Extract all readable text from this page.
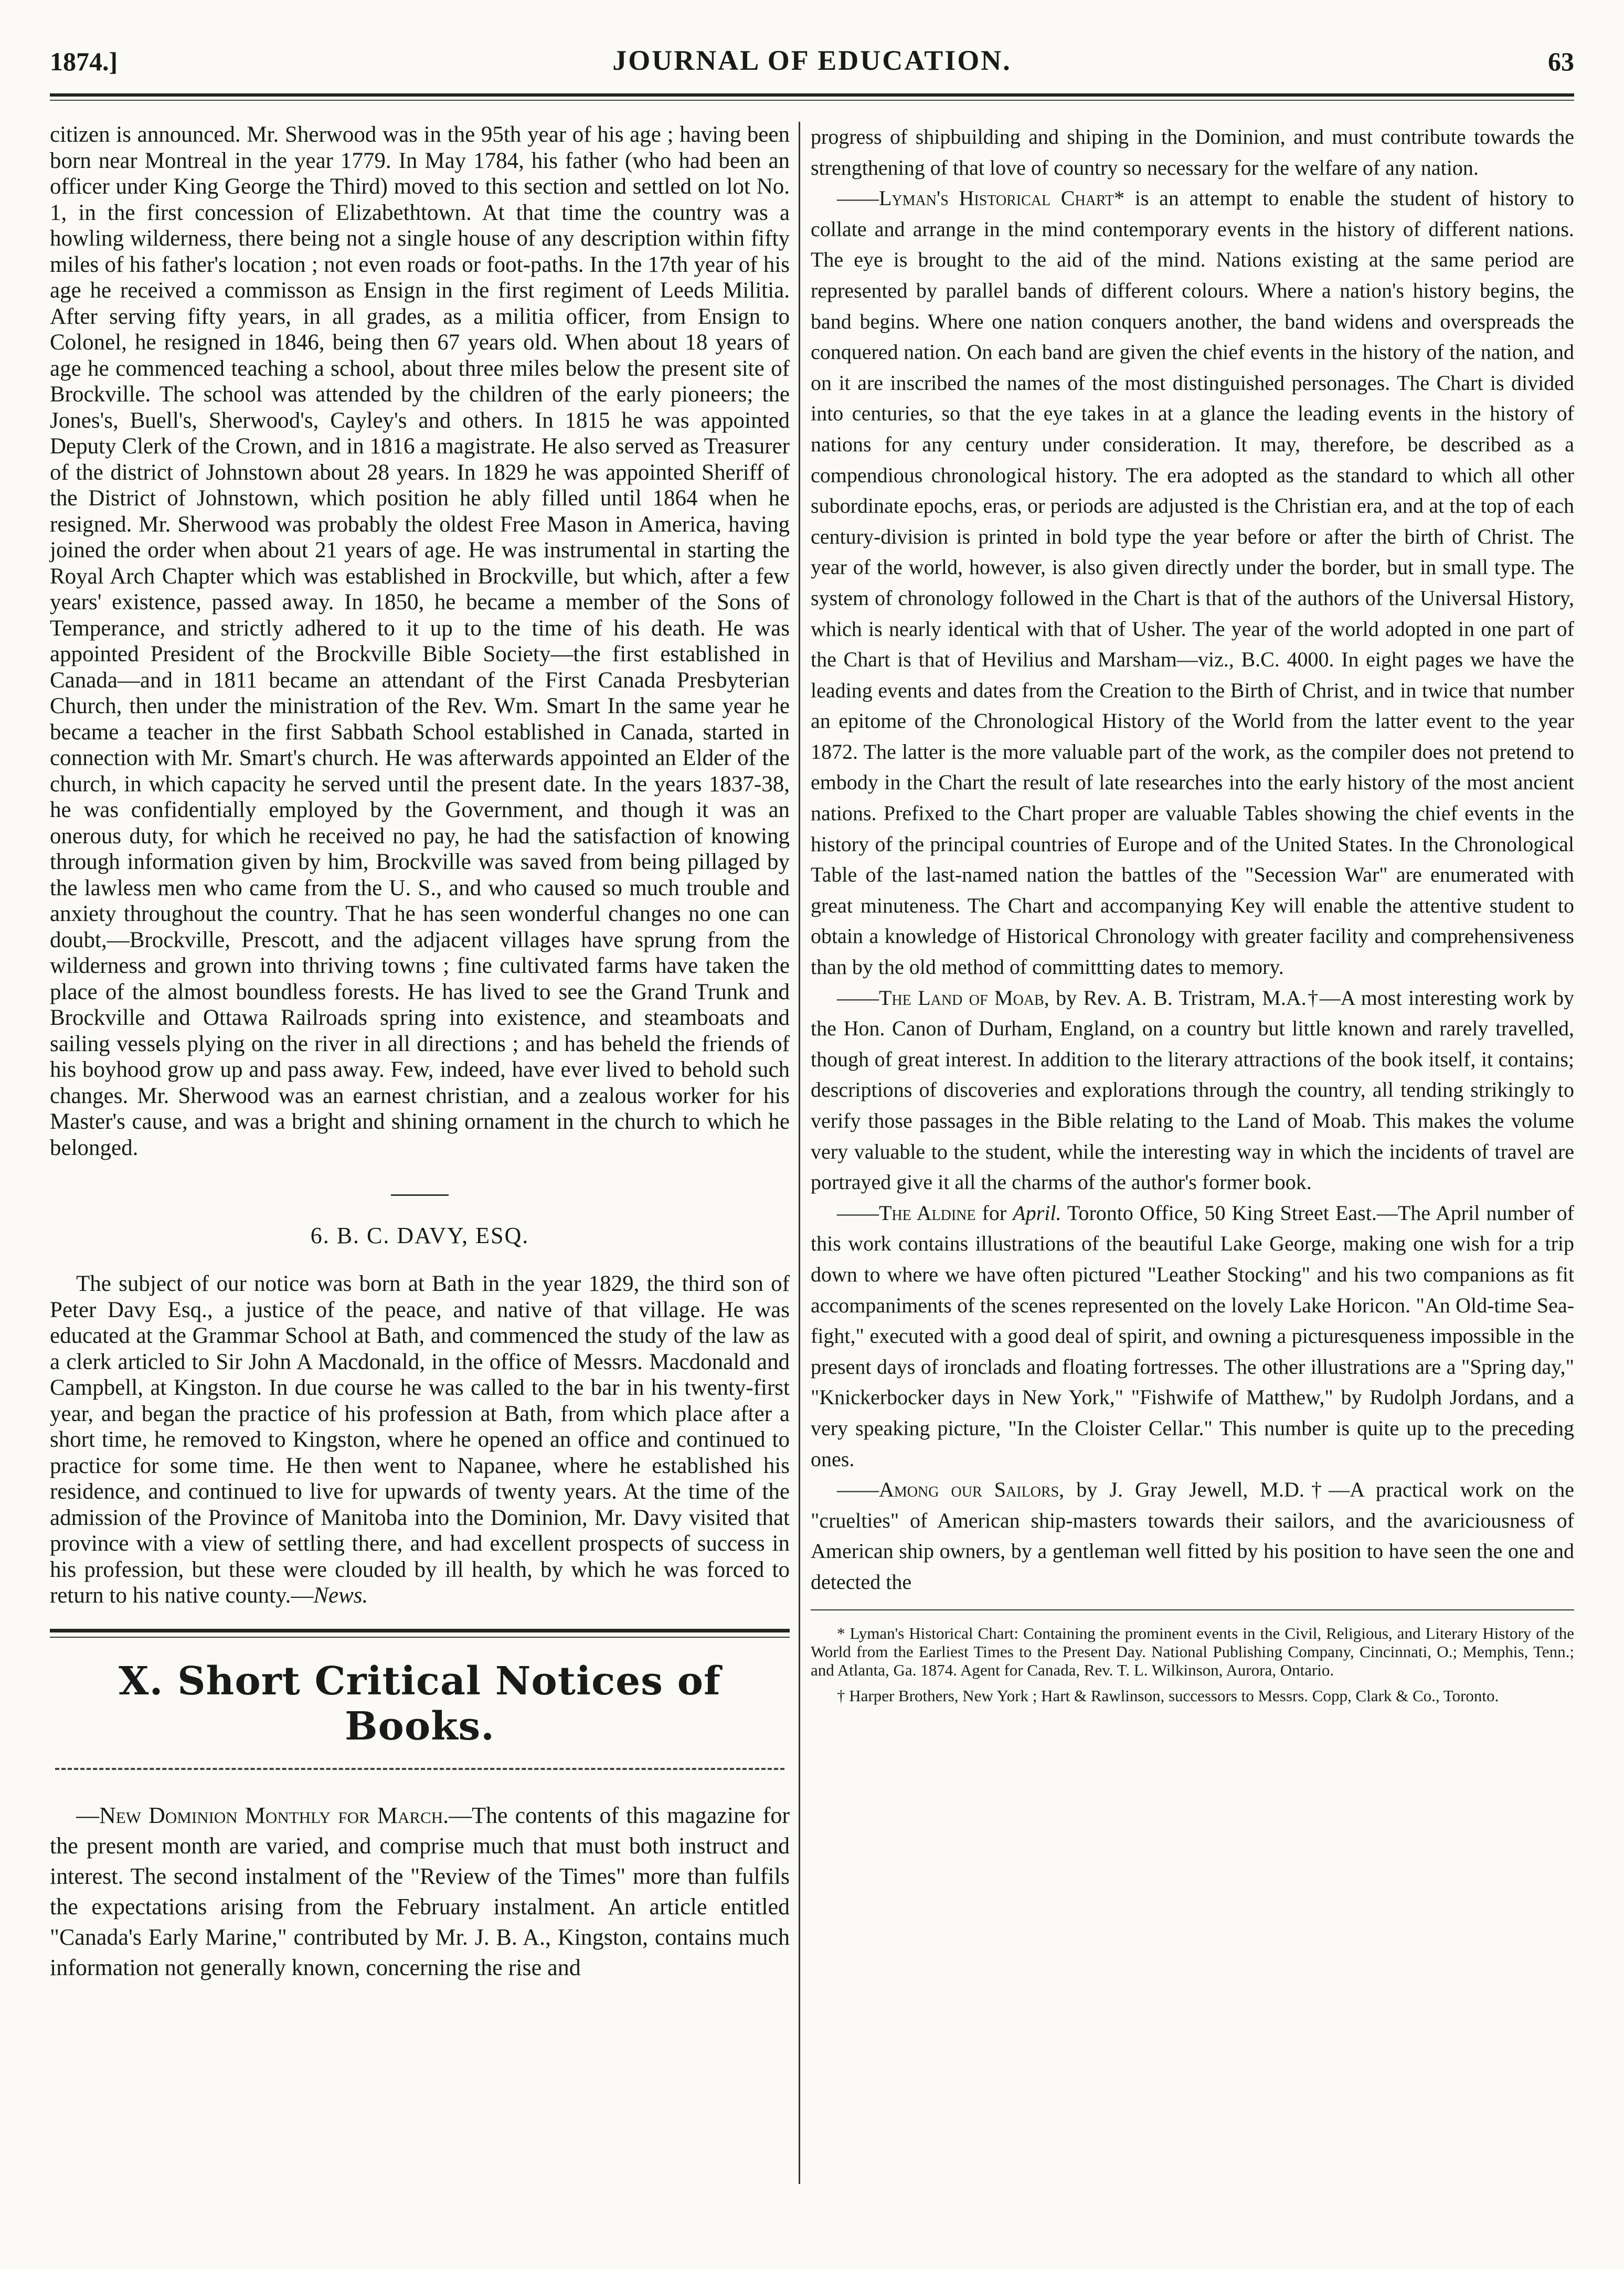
1874.]	JOURNAL OF EDUCATION.	63

citizen is announced. Mr. Sherwood was in the 95th year of his age ; having been born near Montreal in the year 1779. In May 1784, his father (who had been an officer under King George the Third) moved to this section and settled on lot No. 1, in the first concession of Elizabethtown. At that time the country was a howling wilderness, there being not a single house of any description within fifty miles of his father's location ; not even roads or foot-paths. In the 17th year of his age he received a commisson as Ensign in the first regiment of Leeds Militia. After serving fifty years, in all grades, as a militia officer, from Ensign to Colonel, he resigned in 1846, being then 67 years old. When about 18 years of age he commenced teaching a school, about three miles below the present site of Brockville. The school was attended by the children of the early pioneers; the Jones's, Buell's, Sherwood's, Cayley's and others. In 1815 he was appointed Deputy Clerk of the Crown, and in 1816 a magistrate. He also served as Treasurer of the district of Johnstown about 28 years. In 1829 he was appointed Sheriff of the District of Johnstown, which position he ably filled until 1864 when he resigned. Mr. Sherwood was probably the oldest Free Mason in America, having joined the order when about 21 years of age. He was instrumental in starting the Royal Arch Chapter which was established in Brockville, but which, after a few years' existence, passed away. In 1850, he became a member of the Sons of Temperance, and strictly adhered to it up to the time of his death. He was appointed President of the Brockville Bible Society—the first established in Canada—and in 1811 became an attendant of the First Canada Presbyterian Church, then under the ministration of the Rev. Wm. Smart In the same year he became a teacher in the first Sabbath School established in Canada, started in connection with Mr. Smart's church. He was afterwards appointed an Elder of the church, in which capacity he served until the present date. In the years 1837-38, he was confidentially employed by the Government, and though it was an onerous duty, for which he received no pay, he had the satisfaction of knowing through information given by him, Brockville was saved from being pillaged by the lawless men who came from the U. S., and who caused so much trouble and anxiety throughout the country. That he has seen wonderful changes no one can doubt,—Brockville, Prescott, and the adjacent villages have sprung from the wilderness and grown into thriving towns ; fine cultivated farms have taken the place of the almost boundless forests. He has lived to see the Grand Trunk and Brockville and Ottawa Railroads spring into existence, and steamboats and sailing vessels plying on the river in all directions ; and has beheld the friends of his boyhood grow up and pass away. Few, indeed, have ever lived to behold such changes. Mr. Sherwood was an earnest christian, and a zealous worker for his Master's cause, and was a bright and shining ornament in the church to which he belonged.

6. B. C. DAVY, ESQ.

The subject of our notice was born at Bath in the year 1829, the third son of Peter Davy Esq., a justice of the peace, and native of that village. He was educated at the Grammar School at Bath, and commenced the study of the law as a clerk articled to Sir John A Macdonald, in the office of Messrs. Macdonald and Campbell, at Kingston. In due course he was called to the bar in his twenty-first year, and began the practice of his profession at Bath, from which place after a short time, he removed to Kingston, where he opened an office and continued to practice for some time. He then went to Napanee, where he established his residence, and continued to live for upwards of twenty years. At the time of the admission of the Province of Manitoba into the Dominion, Mr. Davy visited that province with a view of settling there, and had excellent prospects of success in his profession, but these were clouded by ill health, by which he was forced to return to his native county.—News.

X. Short Critical Notices of Books.

—New Dominion Monthly for March.—The contents of this magazine for the present month are varied, and comprise much that must both instruct and interest. The second instalment of the "Review of the Times" more than fulfils the expectations arising from the February instalment. An article entitled "Canada's Early Marine," contributed by Mr. J. B. A., Kingston, contains much information not generally known, concerning the rise and

progress of shipbuilding and shiping in the Dominion, and must contribute towards the strengthening of that love of country so necessary for the welfare of any nation.

——Lyman's Historical Chart* is an attempt to enable the student of history to collate and arrange in the mind contemporary events in the history of different nations. The eye is brought to the aid of the mind. Nations existing at the same period are represented by parallel bands of different colours. Where a nation's history begins, the band begins. Where one nation conquers another, the band widens and overspreads the conquered nation. On each band are given the chief events in the history of the nation, and on it are inscribed the names of the most distinguished personages. The Chart is divided into centuries, so that the eye takes in at a glance the leading events in the history of nations for any century under consideration. It may, therefore, be described as a compendious chronological history. The era adopted as the standard to which all other subordinate epochs, eras, or periods are adjusted is the Christian era, and at the top of each century-division is printed in bold type the year before or after the birth of Christ. The year of the world, however, is also given directly under the border, but in small type. The system of chronology followed in the Chart is that of the authors of the Universal History, which is nearly identical with that of Usher. The year of the world adopted in one part of the Chart is that of Hevilius and Marsham—viz., B.C. 4000. In eight pages we have the leading events and dates from the Creation to the Birth of Christ, and in twice that number an epitome of the Chronological History of the World from the latter event to the year 1872. The latter is the more valuable part of the work, as the compiler does not pretend to embody in the Chart the result of late researches into the early history of the most ancient nations. Prefixed to the Chart proper are valuable Tables showing the chief events in the history of the principal countries of Europe and of the United States. In the Chronological Table of the last-named nation the battles of the "Secession War" are enumerated with great minuteness. The Chart and accompanying Key will enable the attentive student to obtain a knowledge of Historical Chronology with greater facility and comprehensiveness than by the old method of committting dates to memory.

——The Land of Moab, by Rev. A. B. Tristram, M.A.†—A most interesting work by the Hon. Canon of Durham, England, on a country but little known and rarely travelled, though of great interest. In addition to the literary attractions of the book itself, it contains; descriptions of discoveries and explorations through the country, all tending strikingly to verify those passages in the Bible relating to the Land of Moab. This makes the volume very valuable to the student, while the interesting way in which the incidents of travel are portrayed give it all the charms of the author's former book.

——The Aldine for April. Toronto Office, 50 King Street East.—The April number of this work contains illustrations of the beautiful Lake George, making one wish for a trip down to where we have often pictured "Leather Stocking" and his two companions as fit accompaniments of the scenes represented on the lovely Lake Horicon. "An Old-time Sea-fight," executed with a good deal of spirit, and owning a picturesqueness impossible in the present days of ironclads and floating fortresses. The other illustrations are a "Spring day," "Knickerbocker days in New York," "Fishwife of Matthew," by Rudolph Jordans, and a very speaking picture, "In the Cloister Cellar." This number is quite up to the preceding ones.

——Among our Sailors, by J. Gray Jewell, M.D.†—A practical work on the "cruelties" of American ship-masters towards their sailors, and the avariciousness of American ship owners, by a gentleman well fitted by his position to have seen the one and detected the

* Lyman's Historical Chart: Containing the prominent events in the Civil, Religious, and Literary History of the World from the Earliest Times to the Present Day. National Publishing Company, Cincinnati, O.; Memphis, Tenn.; and Atlanta, Ga. 1874. Agent for Canada, Rev. T. L. Wilkinson, Aurora, Ontario.

† Harper Brothers, New York ; Hart & Rawlinson, successors to Messrs. Copp, Clark & Co., Toronto.
